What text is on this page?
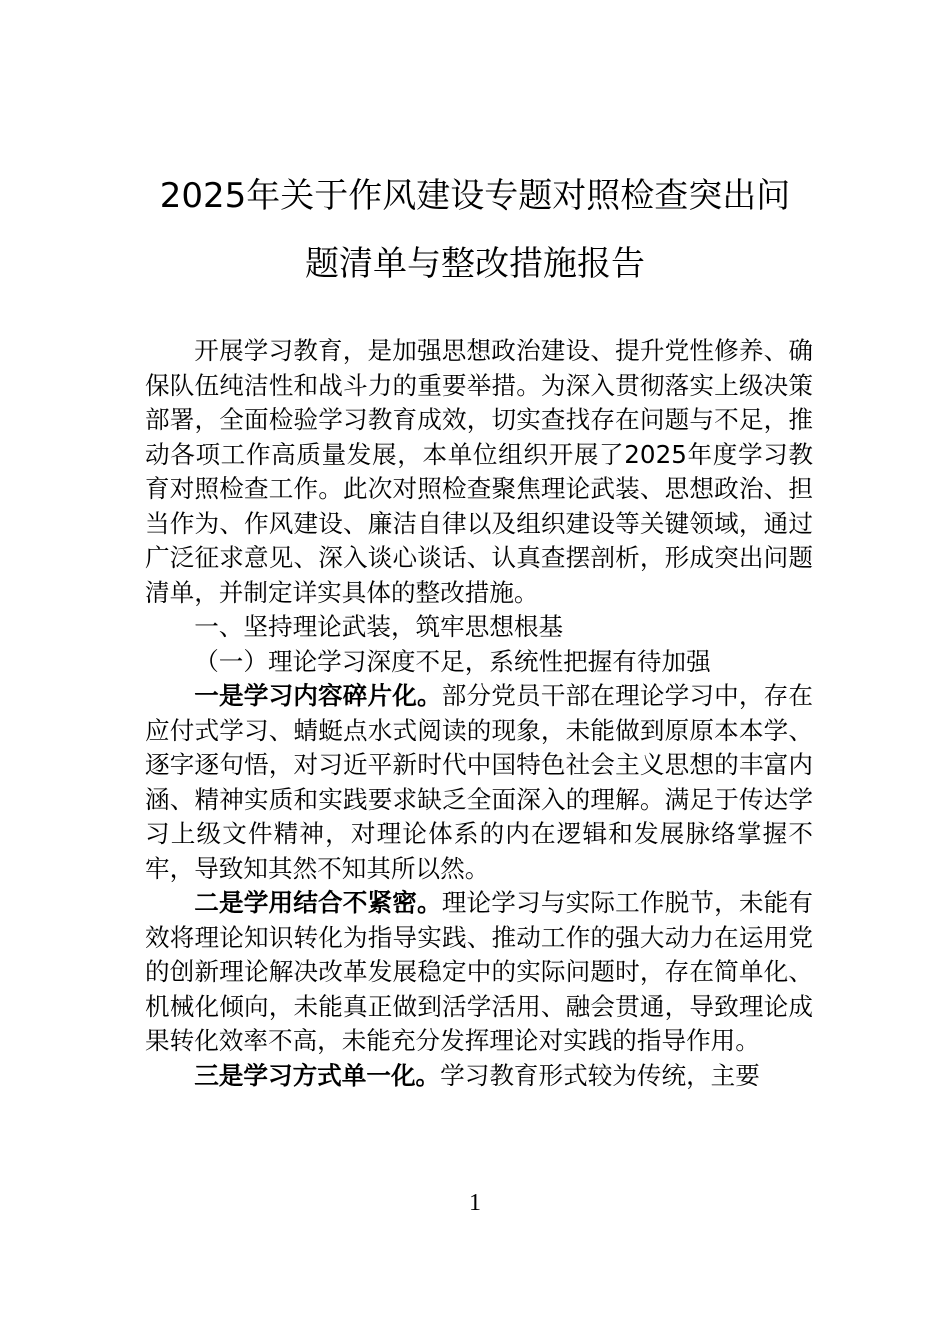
2025年关于作风建设专题对照检查突出问
题清单与整改措施报告

开展学习教育，是加强思想政治建设、提升党性修养、确保队伍纯洁性和战斗力的重要举措。为深入贯彻落实上级决策部署，全面检验学习教育成效，切实查找存在问题与不足，推动各项工作高质量发展，本单位组织开展了2025年度学习教育对照检查工作。此次对照检查聚焦理论武装、思想政治、担当作为、作风建设、廉洁自律以及组织建设等关键领域，通过广泛征求意见、深入谈心谈话、认真查摆剖析，形成突出问题清单，并制定详实具体的整改措施。

一、坚持理论武装，筑牢思想根基

（一）理论学习深度不足，系统性把握有待加强

一是学习内容碎片化。部分党员干部在理论学习中，存在应付式学习、蜻蜓点水式阅读的现象，未能做到原原本本学、逐字逐句悟，对习近平新时代中国特色社会主义思想的丰富内涵、精神实质和实践要求缺乏全面深入的理解。满足于传达学习上级文件精神，对理论体系的内在逻辑和发展脉络掌握不牢，导致知其然不知其所以然。

二是学用结合不紧密。理论学习与实际工作脱节，未能有效将理论知识转化为指导实践、推动工作的强大动力在运用党的创新理论解决改革发展稳定中的实际问题时，存在简单化、机械化倾向，未能真正做到活学活用、融会贯通，导致理论成果转化效率不高，未能充分发挥理论对实践的指导作用。

三是学习方式单一化。学习教育形式较为传统，主要

1
